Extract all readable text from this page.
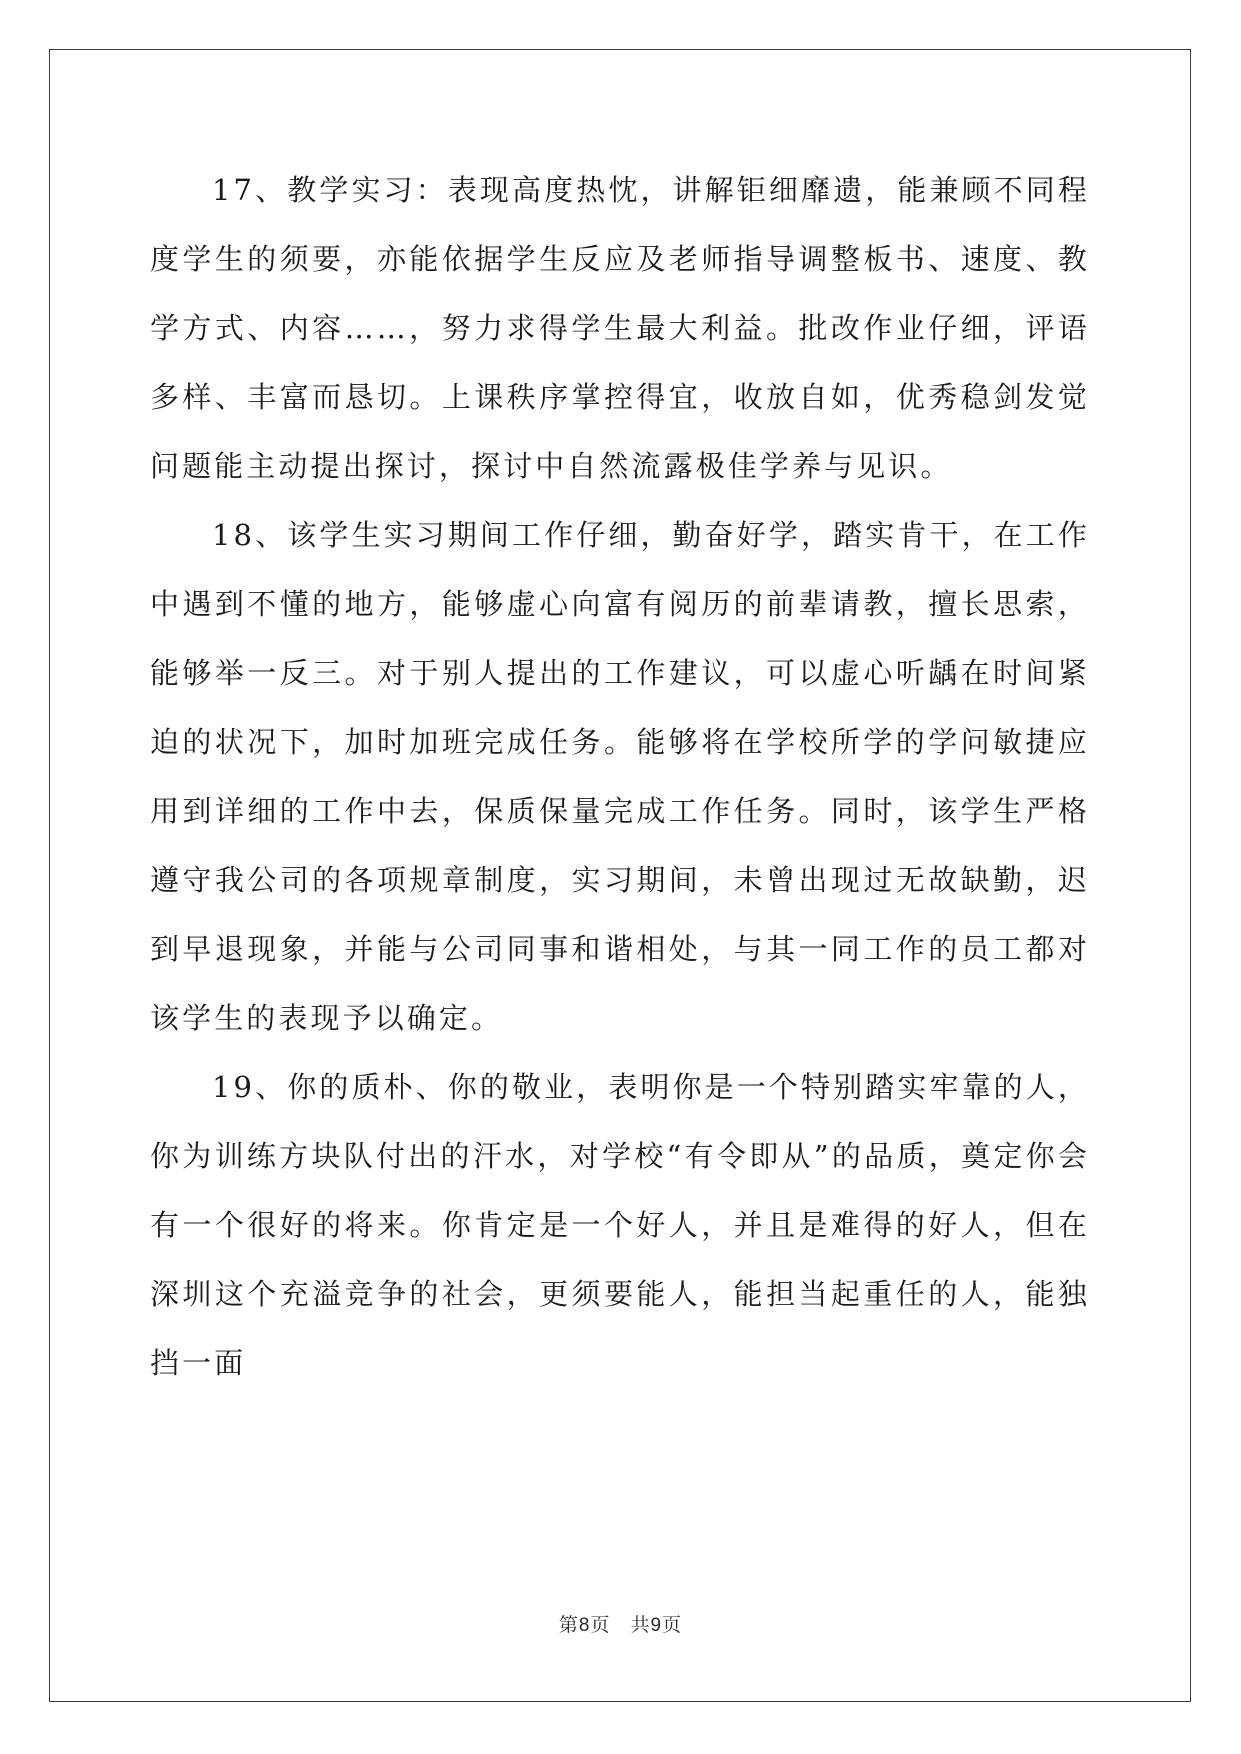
17、教学实习：表现高度热忱，讲解钜细靡遗，能兼顾不同程度学生的须要，亦能依据学生反应及老师指导调整板书、速度、教学方式、内容……，努力求得学生最大利益。批改作业仔细，评语多样、丰富而恳切。上课秩序掌控得宜，收放自如，优秀稳剑发觉问题能主动提出探讨，探讨中自然流露极佳学养与见识。

18、该学生实习期间工作仔细，勤奋好学，踏实肯干，在工作中遇到不懂的地方，能够虚心向富有阅历的前辈请教，擅长思索，能够举一反三。对于别人提出的工作建议，可以虚心听龋在时间紧迫的状况下，加时加班完成任务。能够将在学校所学的学问敏捷应用到详细的工作中去，保质保量完成工作任务。同时，该学生严格遵守我公司的各项规章制度，实习期间，未曾出现过无故缺勤，迟到早退现象，并能与公司同事和谐相处，与其一同工作的员工都对该学生的表现予以确定。

19、你的质朴、你的敬业，表明你是一个特别踏实牢靠的人，你为训练方块队付出的汗水，对学校“有令即从”的品质，奠定你会有一个很好的将来。你肯定是一个好人，并且是难得的好人，但在深圳这个充溢竞争的社会，更须要能人，能担当起重任的人，能独挡一面

第8页　共9页
